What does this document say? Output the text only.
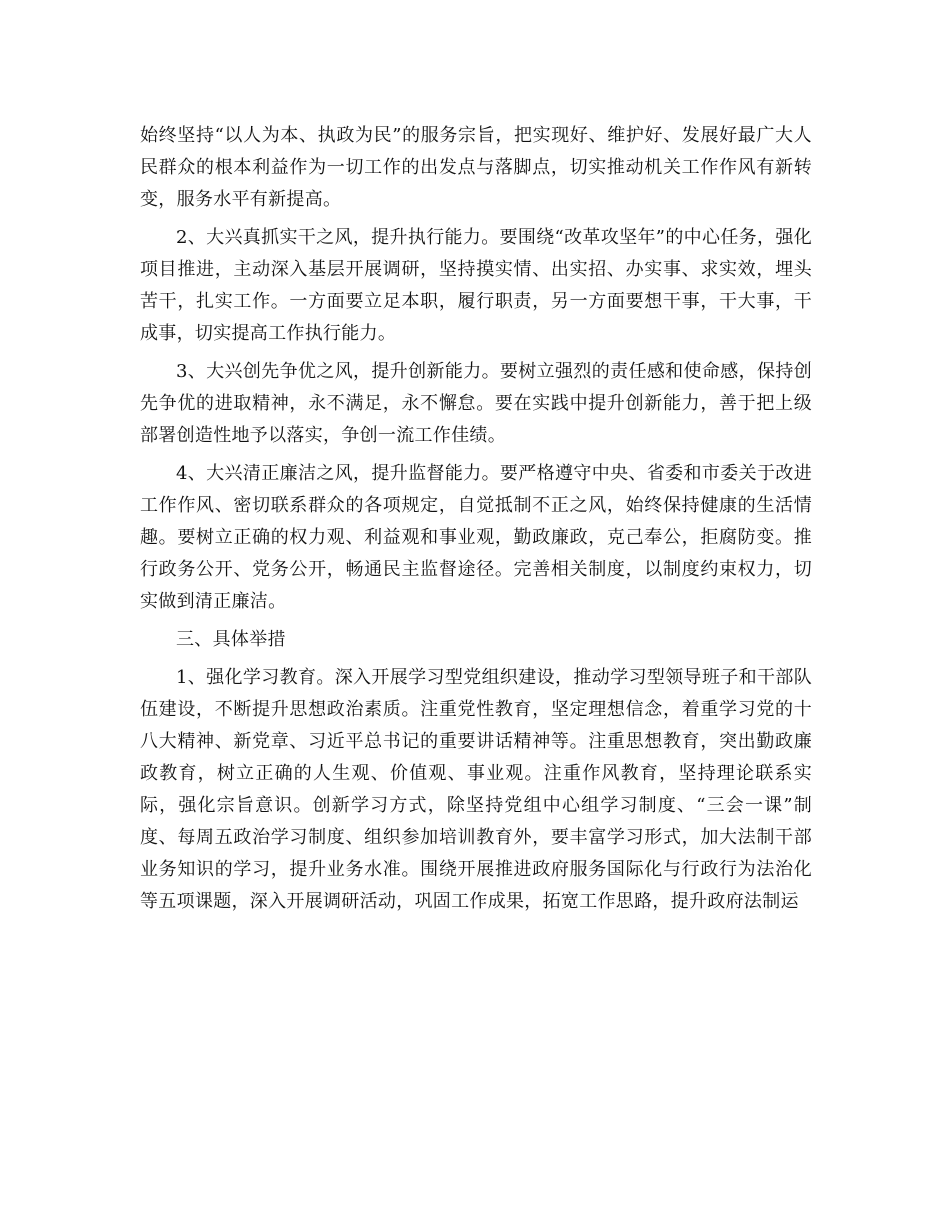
始终坚持“以人为本、执政为民”的服务宗旨，把实现好、维护好、发展好最广大人民群众的根本利益作为一切工作的出发点与落脚点，切实推动机关工作作风有新转变，服务水平有新提高。

2、大兴真抓实干之风，提升执行能力。要围绕“改革攻坚年”的中心任务，强化项目推进，主动深入基层开展调研，坚持摸实情、出实招、办实事、求实效，埋头苦干，扎实工作。一方面要立足本职，履行职责，另一方面要想干事，干大事，干成事，切实提高工作执行能力。

3、大兴创先争优之风，提升创新能力。要树立强烈的责任感和使命感，保持创先争优的进取精神，永不满足，永不懈怠。要在实践中提升创新能力，善于把上级部署创造性地予以落实，争创一流工作佳绩。

4、大兴清正廉洁之风，提升监督能力。要严格遵守中央、省委和市委关于改进工作作风、密切联系群众的各项规定，自觉抵制不正之风，始终保持健康的生活情趣。要树立正确的权力观、利益观和事业观，勤政廉政，克己奉公，拒腐防变。推行政务公开、党务公开，畅通民主监督途径。完善相关制度，以制度约束权力，切实做到清正廉洁。

三、具体举措

1、强化学习教育。深入开展学习型党组织建设，推动学习型领导班子和干部队伍建设，不断提升思想政治素质。注重党性教育，坚定理想信念，着重学习党的十八大精神、新党章、习近平总书记的重要讲话精神等。注重思想教育，突出勤政廉政教育，树立正确的人生观、价值观、事业观。注重作风教育，坚持理论联系实际，强化宗旨意识。创新学习方式，除坚持党组中心组学习制度、“三会一课”制度、每周五政治学习制度、组织参加培训教育外，要丰富学习形式，加大法制干部业务知识的学习，提升业务水准。围绕开展推进政府服务国际化与行政行为法治化等五项课题，深入开展调研活动，巩固工作成果，拓宽工作思路，提升政府法制运
